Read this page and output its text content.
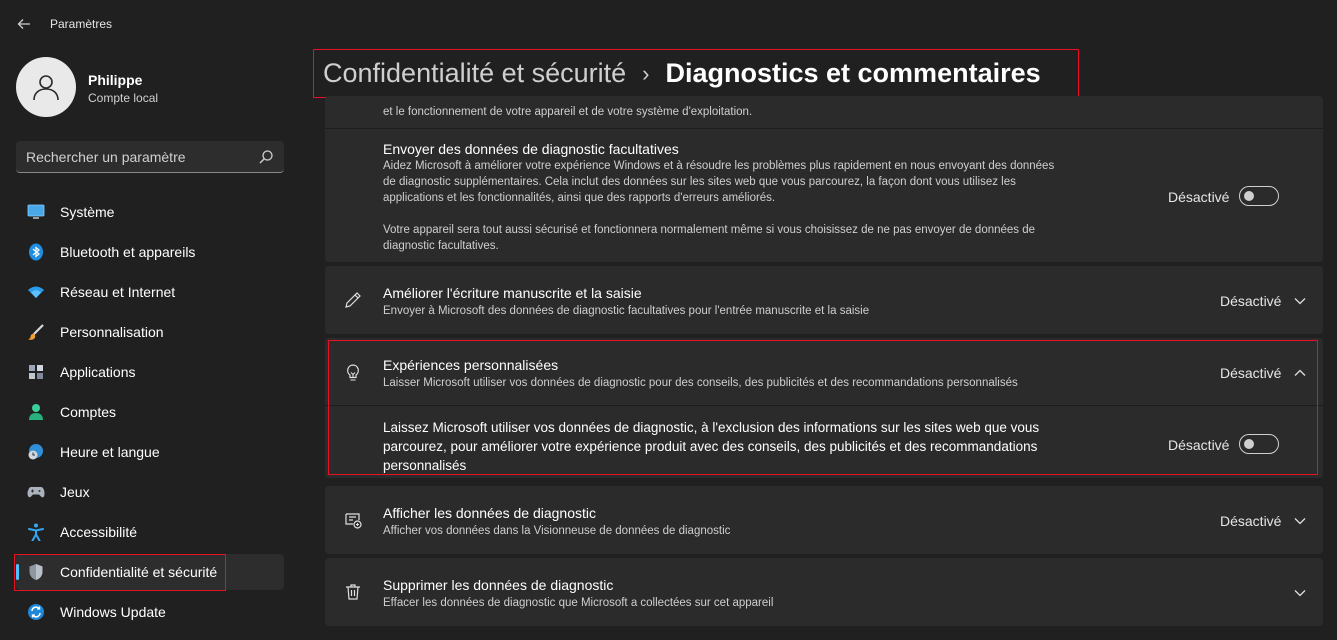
Paramètres
Philippe
Compte local
Rechercher un paramètre
Système
Bluetooth et appareils
Réseau et Internet
Personnalisation
Applications
Comptes
Heure et langue
Jeux
Accessibilité
Confidentialité et sécurité
Windows Update
Confidentialité et sécurité › Diagnostics et commentaires
et le fonctionnement de votre appareil et de votre système d'exploitation.
Envoyer des données de diagnostic facultatives
Aidez Microsoft à améliorer votre expérience Windows et à résoudre les problèmes plus rapidement en nous envoyant des données
de diagnostic supplémentaires. Cela inclut des données sur les sites web que vous parcourez, la façon dont vous utilisez les
applications et les fonctionnalités, ainsi que des rapports d'erreurs améliorés.
Votre appareil sera tout aussi sécurisé et fonctionnera normalement même si vous choisissez de ne pas envoyer de données de
diagnostic facultatives.
Désactivé
Améliorer l'écriture manuscrite et la saisie
Envoyer à Microsoft des données de diagnostic facultatives pour l'entrée manuscrite et la saisie
Désactivé
Expériences personnalisées
Laisser Microsoft utiliser vos données de diagnostic pour des conseils, des publicités et des recommandations personnalisés
Désactivé
Laissez Microsoft utiliser vos données de diagnostic, à l'exclusion des informations sur les sites web que vous
parcourez, pour améliorer votre expérience produit avec des conseils, des publicités et des recommandations
personnalisés
Désactivé
Afficher les données de diagnostic
Afficher vos données dans la Visionneuse de données de diagnostic
Désactivé
Supprimer les données de diagnostic
Effacer les données de diagnostic que Microsoft a collectées sur cet appareil
